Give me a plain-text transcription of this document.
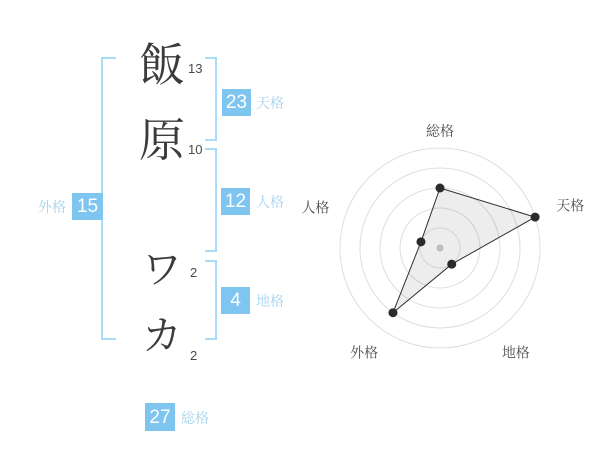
飯
原
ワ
カ
13
10
2
2
23 天格
12 人格
4	地格
外格 15
27 総格
総格
天格
地格
外格
人格
